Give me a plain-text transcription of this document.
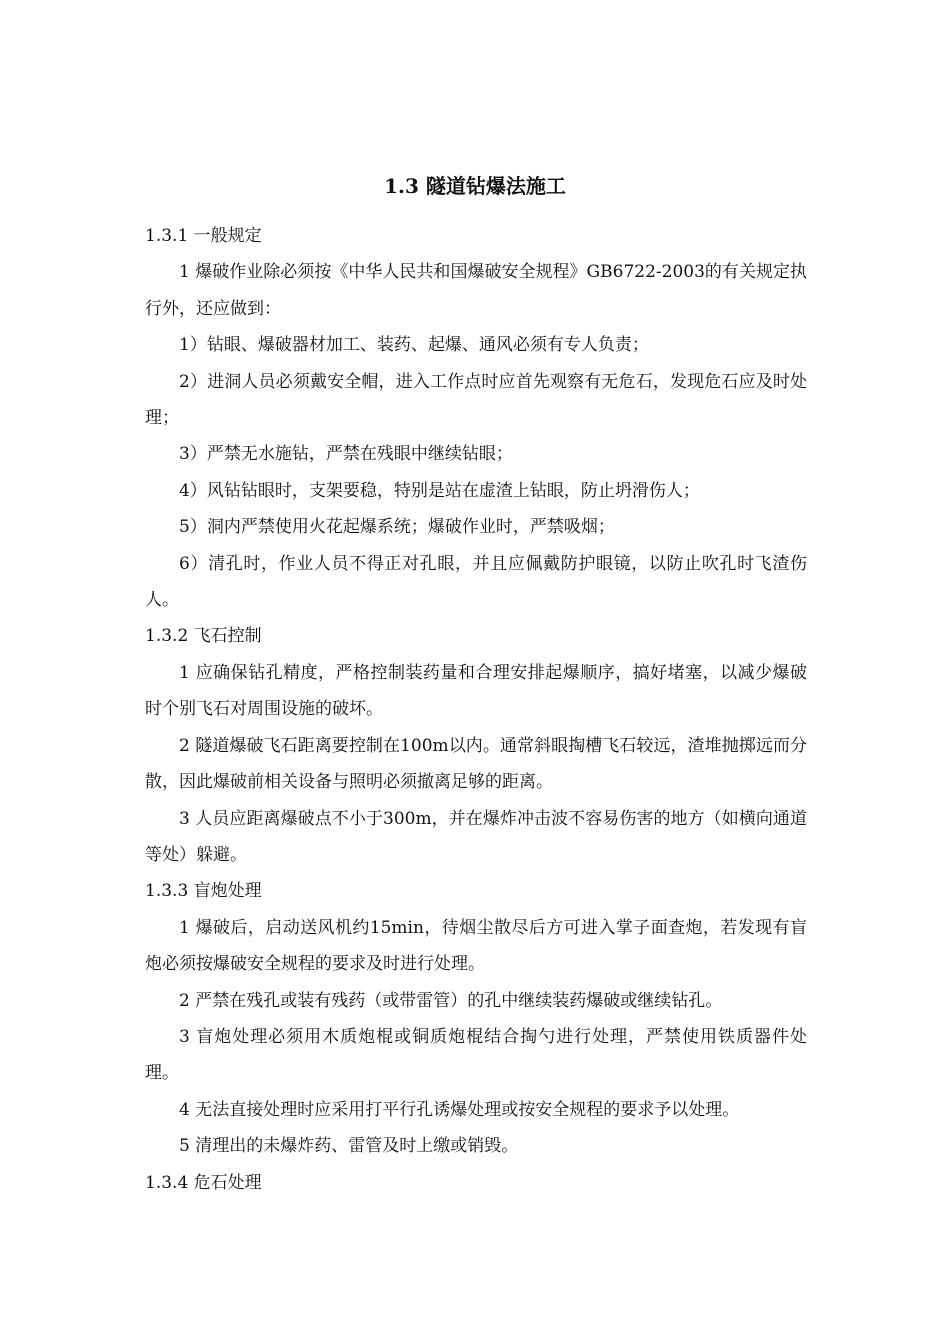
1.3 隧道钻爆法施工

1.3.1 一般规定

1 爆破作业除必须按《中华人民共和国爆破安全规程》GB6722-2003的有关规定执行外，还应做到：

1）钻眼、爆破器材加工、装药、起爆、通风必须有专人负责；

2）进洞人员必须戴安全帽，进入工作点时应首先观察有无危石，发现危石应及时处理；

3）严禁无水施钻，严禁在残眼中继续钻眼；

4）风钻钻眼时，支架要稳，特别是站在虚渣上钻眼，防止坍滑伤人；

5）洞内严禁使用火花起爆系统；爆破作业时，严禁吸烟；

6）清孔时，作业人员不得正对孔眼，并且应佩戴防护眼镜，以防止吹孔时飞渣伤人。

1.3.2 飞石控制

1 应确保钻孔精度，严格控制装药量和合理安排起爆顺序，搞好堵塞，以减少爆破时个别飞石对周围设施的破坏。

2 隧道爆破飞石距离要控制在100m以内。通常斜眼掏槽飞石较远，渣堆抛掷远而分散，因此爆破前相关设备与照明必须撤离足够的距离。

3 人员应距离爆破点不小于300m，并在爆炸冲击波不容易伤害的地方（如横向通道等处）躲避。

1.3.3 盲炮处理

1 爆破后，启动送风机约15min，待烟尘散尽后方可进入掌子面查炮，若发现有盲炮必须按爆破安全规程的要求及时进行处理。

2 严禁在残孔或装有残药（或带雷管）的孔中继续装药爆破或继续钻孔。

3 盲炮处理必须用木质炮棍或铜质炮棍结合掏勺进行处理，严禁使用铁质器件处理。

4 无法直接处理时应采用打平行孔诱爆处理或按安全规程的要求予以处理。

5 清理出的未爆炸药、雷管及时上缴或销毁。

1.3.4 危石处理
